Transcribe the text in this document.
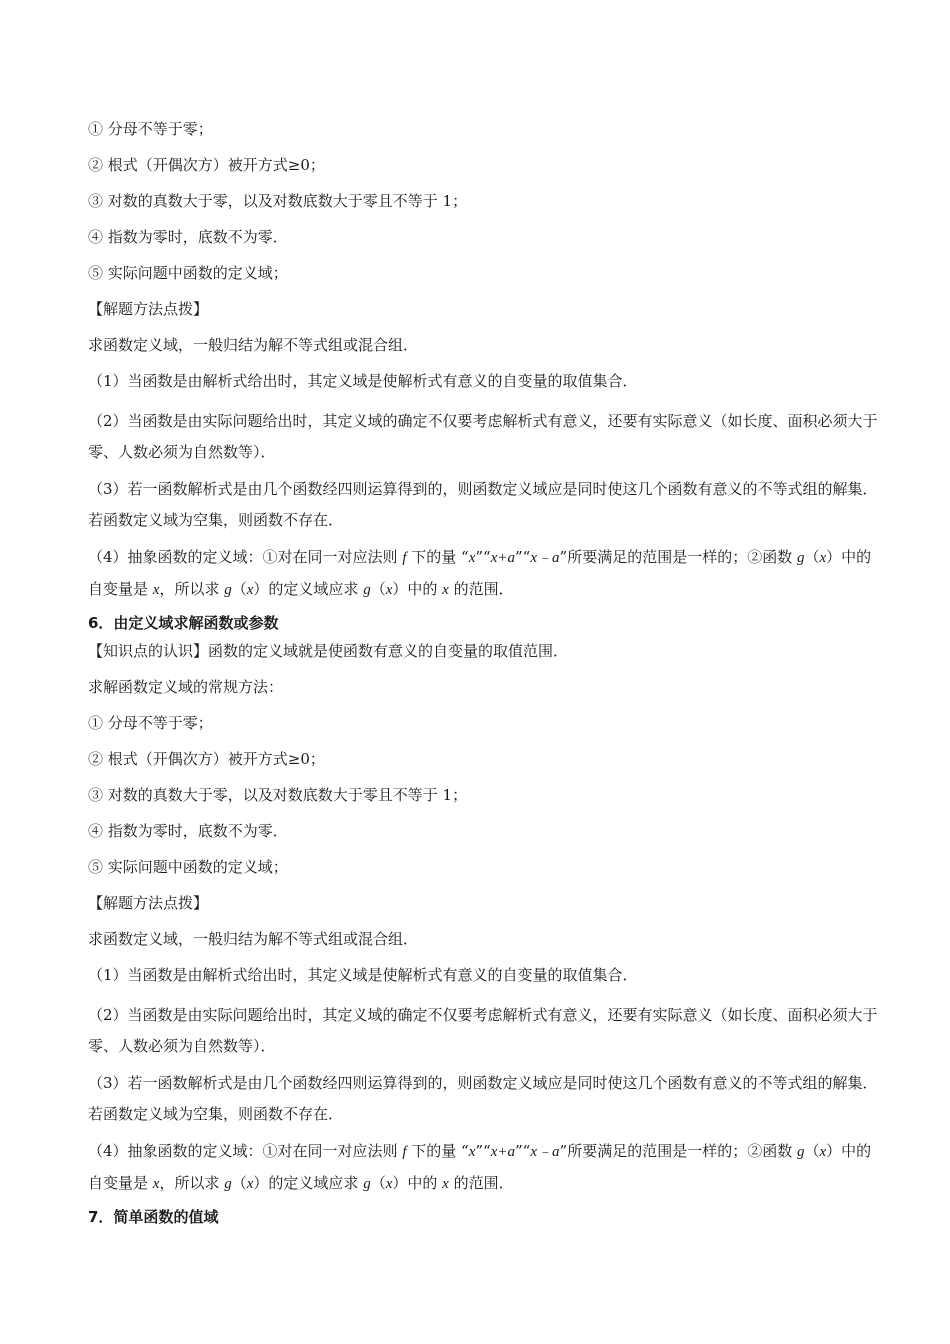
① 分母不等于零；

② 根式（开偶次方）被开方式≥0；

③ 对数的真数大于零，以及对数底数大于零且不等于 1；

④ 指数为零时，底数不为零．

⑤ 实际问题中函数的定义域；

【解题方法点拨】

求函数定义域，一般归结为解不等式组或混合组．

（1）当函数是由解析式给出时，其定义域是使解析式有意义的自变量的取值集合．

（2）当函数是由实际问题给出时，其定义域的确定不仅要考虑解析式有意义，还要有实际意义（如长度、面积必须大于零、人数必须为自然数等）．

（3）若一函数解析式是由几个函数经四则运算得到的，则函数定义域应是同时使这几个函数有意义的不等式组的解集．若函数定义域为空集，则函数不存在．

（4）抽象函数的定义域：①对在同一对应法则 f 下的量 “x”“x+a”“x﹣a”所要满足的范围是一样的；②函数 g（x）中的自变量是 x，所以求 g（x）的定义域应求 g（x）中的 x 的范围．

6．由定义域求解函数或参数

【知识点的认识】函数的定义域就是使函数有意义的自变量的取值范围．

求解函数定义域的常规方法：

① 分母不等于零；

② 根式（开偶次方）被开方式≥0；

③ 对数的真数大于零，以及对数底数大于零且不等于 1；

④ 指数为零时，底数不为零．

⑤ 实际问题中函数的定义域；

【解题方法点拨】

求函数定义域，一般归结为解不等式组或混合组．

（1）当函数是由解析式给出时，其定义域是使解析式有意义的自变量的取值集合．

（2）当函数是由实际问题给出时，其定义域的确定不仅要考虑解析式有意义，还要有实际意义（如长度、面积必须大于零、人数必须为自然数等）．

（3）若一函数解析式是由几个函数经四则运算得到的，则函数定义域应是同时使这几个函数有意义的不等式组的解集．若函数定义域为空集，则函数不存在．

（4）抽象函数的定义域：①对在同一对应法则 f 下的量 “x”“x+a”“x﹣a”所要满足的范围是一样的；②函数 g（x）中的自变量是 x，所以求 g（x）的定义域应求 g（x）中的 x 的范围．

7．简单函数的值域
